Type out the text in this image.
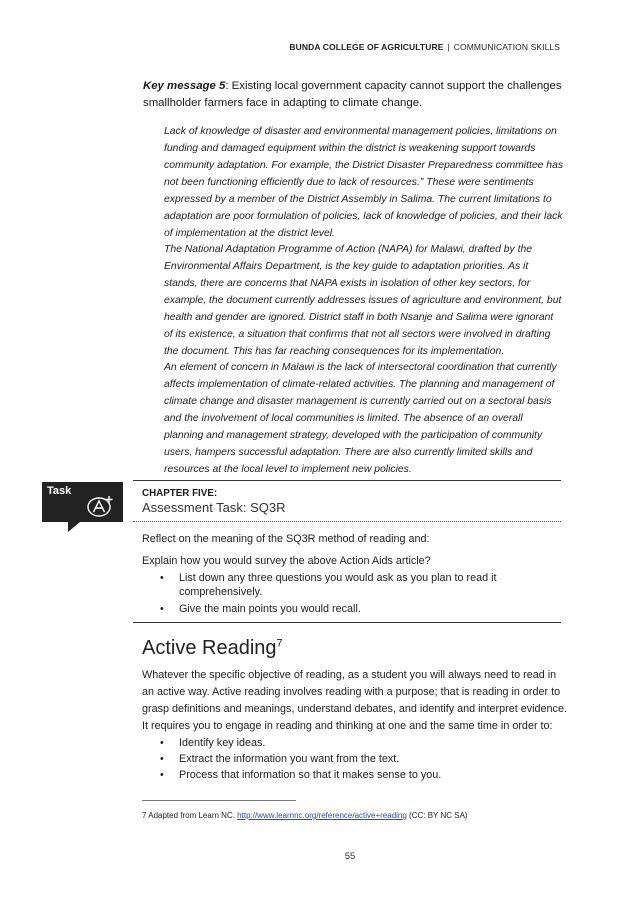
BUNDA COLLEGE OF AGRICULTURE | COMMUNICATION SKILLS
Key message 5: Existing local government capacity cannot support the challenges smallholder farmers face in adapting to climate change.
Lack of knowledge of disaster and environmental management policies, limitations on funding and damaged equipment within the district is weakening support towards community adaptation. For example, the District Disaster Preparedness committee has not been functioning efficiently due to lack of resources.” These were sentiments expressed by a member of the District Assembly in Salima. The current limitations to adaptation are poor formulation of policies, lack of knowledge of policies, and their lack of implementation at the district level.
The National Adaptation Programme of Action (NAPA) for Malawi, drafted by the Environmental Affairs Department, is the key guide to adaptation priorities. As it stands, there are concerns that NAPA exists in isolation of other key sectors, for example, the document currently addresses issues of agriculture and environment, but health and gender are ignored. District staff in both Nsanje and Salima were ignorant of its existence, a situation that confirms that not all sectors were involved in drafting the document. This has far reaching consequences for its implementation.
An element of concern in Malawi is the lack of intersectoral coordination that currently affects implementation of climate-related activities. The planning and management of climate change and disaster management is currently carried out on a sectoral basis and the involvement of local communities is limited. The absence of an overall planning and management strategy, developed with the participation of community users, hampers successful adaptation. There are also currently limited skills and resources at the local level to implement new policies.
Task	CHAPTER FIVE:
Assessment Task: SQ3R
Reflect on the meaning of the SQ3R method of reading and:
Explain how you would survey the above Action Aids article?
• List down any three questions you would ask as you plan to read it comprehensively.
• Give the main points you would recall.
Active Reading$^7$
Whatever the specific objective of reading, as a student you will always need to read in an active way. Active reading involves reading with a purpose; that is reading in order to grasp definitions and meanings, understand debates, and identify and interpret evidence. It requires you to engage in reading and thinking at one and the same time in order to:
• Identify key ideas.
• Extract the information you want from the text.
• Process that information so that it makes sense to you.
7 Adapted from Learn NC. http://www.learnnc.org/reference/active+reading (CC: BY NC SA)
55
